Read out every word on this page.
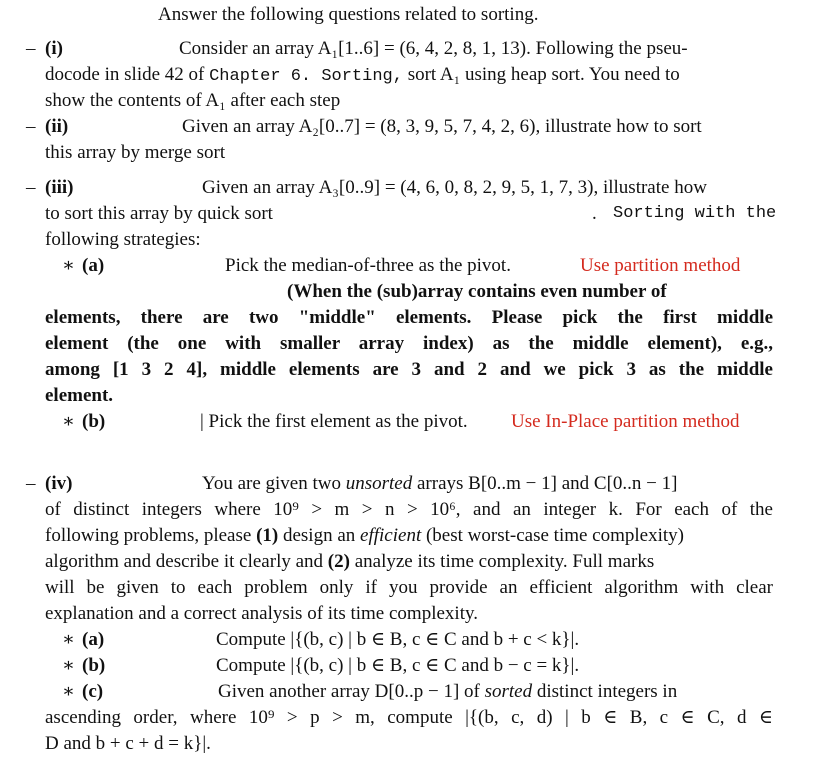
Answer the following questions related to sorting.
– (i)	Consider an array A₁[1..6] = (6, 4, 2, 8, 1, 13). Following the pseu-
docode in slide 42 of Chapter 6. Sorting, sort A₁ using heap sort. You need to
show the contents of A₁ after each step
– (ii)	Given an array A₂[0..7] = (8, 3, 9, 5, 7, 4, 2, 6), illustrate how to sort
this array by merge sort
– (iii)	Given an array A₃[0..9] = (4, 6, 0, 8, 2, 9, 5, 1, 7, 3), illustrate how
to sort this array by quick sort	. Sorting with the
following strategies:
∗ (a)	Pick the median-of-three as the pivot.	Use partition method
(When the (sub)array contains even number of
elements, there are two "middle" elements. Please pick the first middle
element (the one with smaller array index) as the middle element), e.g.,
among [1 3 2 4], middle elements are 3 and 2 and we pick 3 as the middle
element.
∗ (b)	| Pick the first element as the pivot. Use In-Place partition method
– (iv)	You are given two unsorted arrays B[0..m − 1] and C[0..n − 1]
of distinct integers where 10⁹ > m > n > 10⁶, and an integer k. For each of the
following problems, please (1) design an efficient (best worst-case time complexity)
algorithm and describe it clearly and (2) analyze its time complexity. Full marks
will be given to each problem only if you provide an efficient algorithm with clear
explanation and a correct analysis of its time complexity.
∗ (a)	Compute |{(b, c) | b ∈ B, c ∈ C and b + c < k}|.
∗ (b)	Compute |{(b, c) | b ∈ B, c ∈ C and b − c = k}|.
∗ (c)	Given another array D[0..p − 1] of sorted distinct integers in
ascending order, where 10⁹ > p > m, compute |{(b, c, d) | b ∈ B, c ∈ C, d ∈
D and b + c + d = k}|.
